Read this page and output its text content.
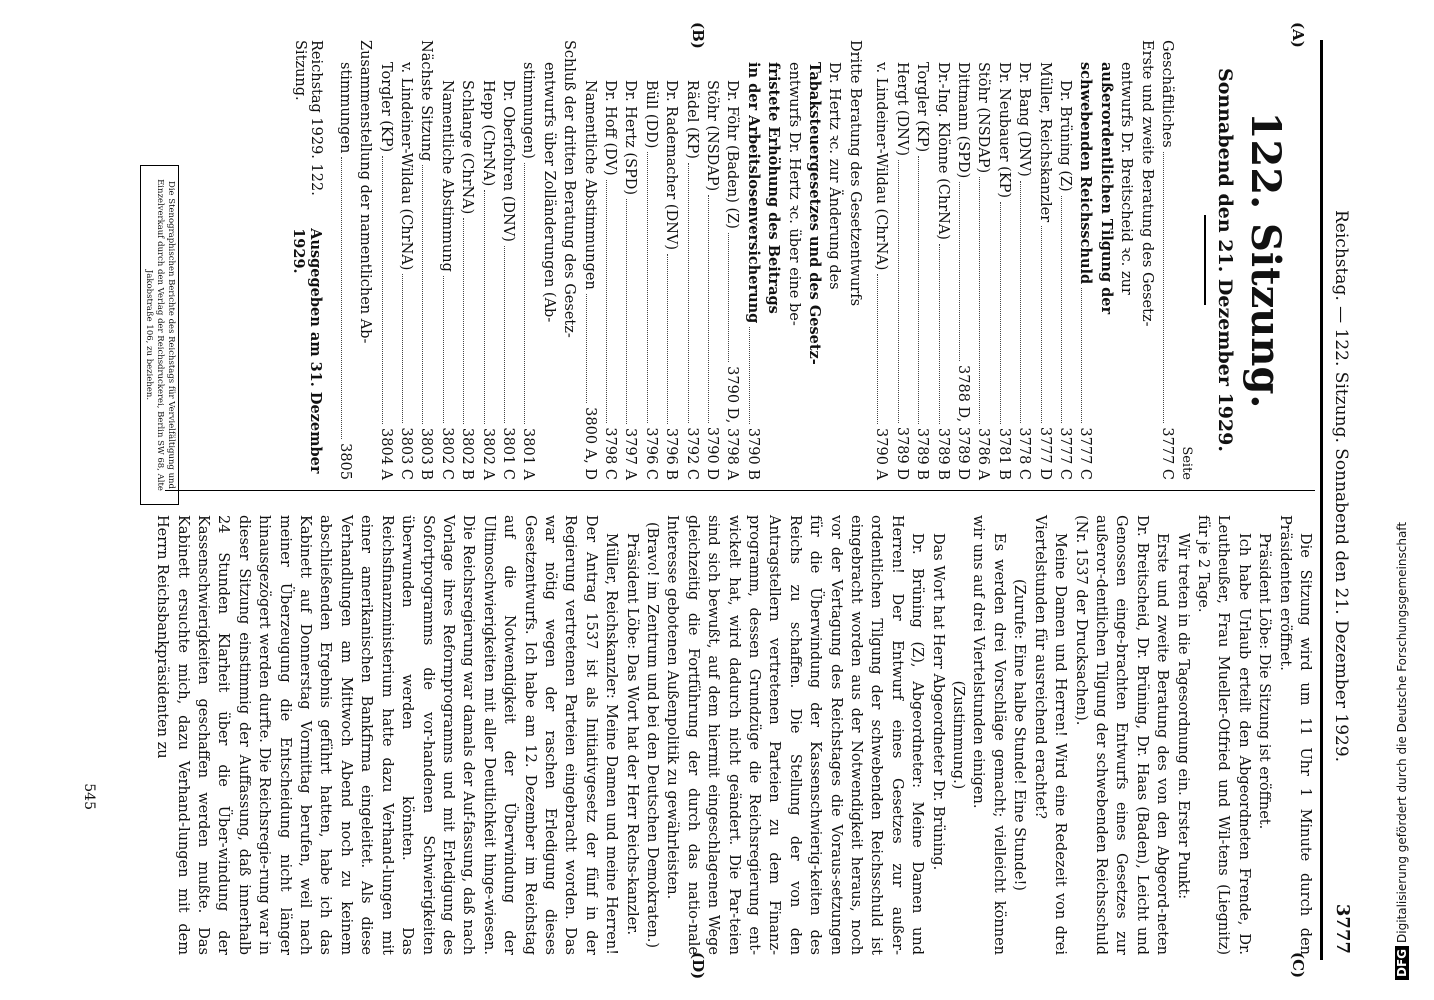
Reichstag. — 122. Sitzung. Sonnabend den 21. Dezember 1929.
3777
(A)
(B)
(C)
(D)
122. Sitzung.
Sonnabend den 21. Dezember 1929.
Seite
Geschäftliches
3777 C
Erste und zweite Beratung des Gesetz-
entwurfs Dr. Breitscheid ꝛc. zur
außerordentlichen Tilgung der
schwebenden Reichsschuld
3777 C
Dr. Brüning (Z)
3777 C
Müller, Reichskanzler
3777 D
Dr. Bang (DNV)
3778 C
Dr. Neubauer (KP)
3781 B
Stöhr (NSDAP)
3786 A
Dittmann (SPD)
3788 D, 3789 D
Dr.-Ing. Klönne (ChrNA)
3789 B
Torgler (KP)
3789 B
Hergt (DNV)
3789 D
v. Lindeiner-Wildau (ChrNA)
3790 A
Dritte Beratung des Gesetzentwurfs
Dr. Hertz ꝛc. zur Änderung des
Tabaksteuergesetzes und des Gesetz-
entwurfs Dr. Hertz ꝛc. über eine be-
fristete Erhöhung des Beitrags
in der Arbeitslosenversicherung
3790 B
Dr. Föhr (Baden) (Z)
3790 D, 3798 A
Stöhr (NSDAP)
3790 D
Rädel (KP)
3792 C
Dr. Rademacher (DNV)
3796 B
Büll (DD)
3796 C
Dr. Hertz (SPD)
3797 A
Dr. Hoff (DV)
3798 C
Namentliche Abstimmungen
3800 A, D
Schluß der dritten Beratung des Gesetz-
entwurfs über Zolländerungen (Ab-
stimmungen)
3801 A
Dr. Oberfohren (DNV)
3801 C
Hepp (ChrNA)
3802 A
Schlange (ChrNA)
3802 B
Namentliche Abstimmung
3802 C
Nächste Sitzung
3803 B
v. Lindeiner-Wildau (ChrNA)
3803 C
Torgler (KP)
3804 A
Zusammenstellung der namentlichen Ab-
stimmungen
3805
Reichstag 1929. 122. Sitzung.
Ausgegeben am 31. Dezember 1929.
Die Stenographischen Berichte des Reichstags für Vervielfältigung und Einzelverkauf durch den Verlag der Reichsdruckerei, Berlin SW 68, Alte Jakobstraße 106, zu beziehen.

Die Sitzung wird um 11 Uhr 1 Minute durch den Präsidenten eröffnet.

Präsident Löbe: Die Sitzung ist eröffnet.

Ich habe Urlaub erteilt den Abgeordneten Frende, Dr. Leutheußer, Frau Mueller-Otfried und Wil-tens (Liegnitz) für je 2 Tage.

Wir treten in die Tagesordnung ein. Erster Punkt:

Erste und zweite Beratung des von den Abgeord-neten Dr. Breitscheid, Dr. Brüning, Dr. Haas (Baden), Leicht und Genossen einge-brachten Entwurfs eines Gesetzes zur außeror-dentlichen Tilgung der schwebenden Reichsschuld (Nr. 1537 der Drucksachen).

Meine Damen und Herren! Wird eine Redezeit von drei Viertelstunden für ausreichend erachtet?

(Zurufe: Eine halbe Stunde! Eine Stunde!)

Es werden drei Vorschläge gemacht; vielleicht können wir uns auf drei Viertelstunden einigen.

(Zustimmung.)

Das Wort hat Herr Abgeordneter Dr. Brüning.

Dr. Brüning (Z), Abgeordneter: Meine Damen und Herren! Der Entwurf eines Gesetzes zur außer-ordentlichen Tilgung der schwebenden Reichsschuld ist eingebracht worden aus der Notwendigkeit heraus, noch vor der Vertagung des Reichstages die Voraus-setzungen für die Überwindung der Kassenschwierig-keiten des Reichs zu schaffen. Die Stellung der von den Antragstellern vertretenen Parteien zu dem Finanz-programm, dessen Grundzüge die Reichsregierung ent-wickelt hat, wird dadurch nicht geändert. Die Par-teien sind sich bewußt, auf dem hiermit eingeschlagenen Wege gleichzeitig die Fortführung der durch das natio-nale Interesse gebotenen Außenpolitik zu gewährleisten.

(Bravo! im Zentrum und bei den Deutschen Demokraten.)

Präsident Löbe: Das Wort hat der Herr Reichs-kanzler.

Müller, Reichskanzler: Meine Damen und meine Herren! Der Antrag 1537 ist als Initiativgesetz der fünf in der Regierung vertretenen Parteien eingebracht worden. Das war nötig wegen der raschen Erledigung dieses Gesetzentwurfs. Ich habe am 12. Dezember im Reichstag auf die Notwendigkeit der Überwindung der Ultimoschwierigkeiten mit aller Deutlichkeit hinge-wiesen. Die Reichsregierung war damals der Auf-fassung, daß nach Vorlage ihres Reformprogramms und mit Erledigung des Sofortprogramms die vor-handenen Schwierigkeiten überwunden werden könnten. Das Reichsfinanzministerium hatte dazu Verhand-lungen mit einer amerikanischen Bankfirma eingeleitet. Als diese Verhandlungen am Mittwoch Abend noch zu keinem abschließenden Ergebnis geführt hatten, habe ich das Kabinett auf Donnerstag Vormittag berufen, weil nach meiner Überzeugung die Entscheidung nicht länger hinausgezögert werden durfte. Die Reichsregie-rung war in dieser Sitzung einstimmig der Auffassung, daß innerhalb 24 Stunden Klarheit über die Über-windung der Kassenschwierigkeiten geschaffen werden mußte. Das Kabinett ersuchte mich, dazu Verhand-lungen mit dem Herrn Reichsbankpräsidenten zu

545
DFGDigitalisierung gefördert durch die Deutsche Forschungsgemeinschaft
